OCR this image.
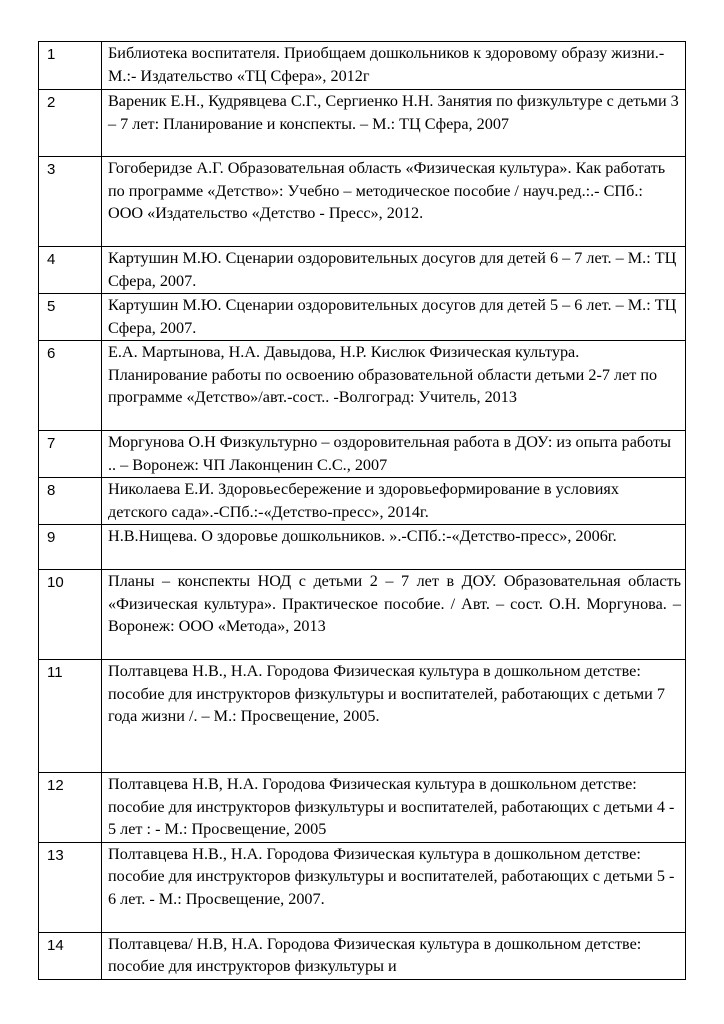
1	Библиотека воспитателя. Приобщаем дошкольников к здоровому образу жизни.-М.:- Издательство «ТЦ Сфера», 2012г
2	Вареник Е.Н., Кудрявцева С.Г., Сергиенко Н.Н. Занятия по физкультуре с детьми 3 – 7 лет: Планирование и конспекты. – М.: ТЦ Сфера, 2007
3	Гогоберидзе А.Г. Образовательная область «Физическая культура». Как работать по программе «Детство»: Учебно – методическое пособие / науч.ред.:.- СПб.: ООО «Издательство «Детство - Пресс», 2012.
4	Картушин М.Ю. Сценарии оздоровительных досугов для детей 6 – 7 лет. – М.: ТЦ Сфера, 2007.
5	Картушин М.Ю. Сценарии оздоровительных досугов для детей 5 – 6 лет. – М.: ТЦ Сфера, 2007.
6	Е.А. Мартынова, Н.А. Давыдова, Н.Р. Кислюк Физическая культура. Планирование работы по освоению образовательной области детьми 2-7 лет по программе «Детство»/авт.-сост.. -Волгоград: Учитель, 2013
7	Моргунова О.Н Физкультурно – оздоровительная работа в ДОУ: из опыта работы .. – Воронеж: ЧП Лаконценин С.С., 2007
8	Николаева Е.И. Здоровьесбережение и здоровьеформирование в условиях детского сада».-СПб.:-«Детство-пресс», 2014г.
9	Н.В.Нищева. О здоровье дошкольников. ».-СПб.:-«Детство-пресс», 2006г.
10	Планы – конспекты НОД с детьми 2 – 7 лет в ДОУ. Образовательная область «Физическая культура». Практическое пособие. / Авт. – сост. О.Н. Моргунова. – Воронеж: ООО «Метода», 2013
11	Полтавцева Н.В., Н.А. Городова Физическая культура в дошкольном детстве: пособие для инструкторов физкультуры и воспитателей, работающих с детьми 7 года жизни /. – М.: Просвещение, 2005.
12	Полтавцева Н.В, Н.А. Городова Физическая культура в дошкольном детстве: пособие для инструкторов физкультуры и воспитателей, работающих с детьми 4 - 5 лет : - М.: Просвещение, 2005
13	Полтавцева Н.В., Н.А. Городова Физическая культура в дошкольном детстве: пособие для инструкторов физкультуры и воспитателей, работающих с детьми 5 - 6 лет. - М.: Просвещение, 2007.
14	Полтавцева/ Н.В, Н.А. Городова Физическая культура в дошкольном детстве: пособие для инструкторов физкультуры и
